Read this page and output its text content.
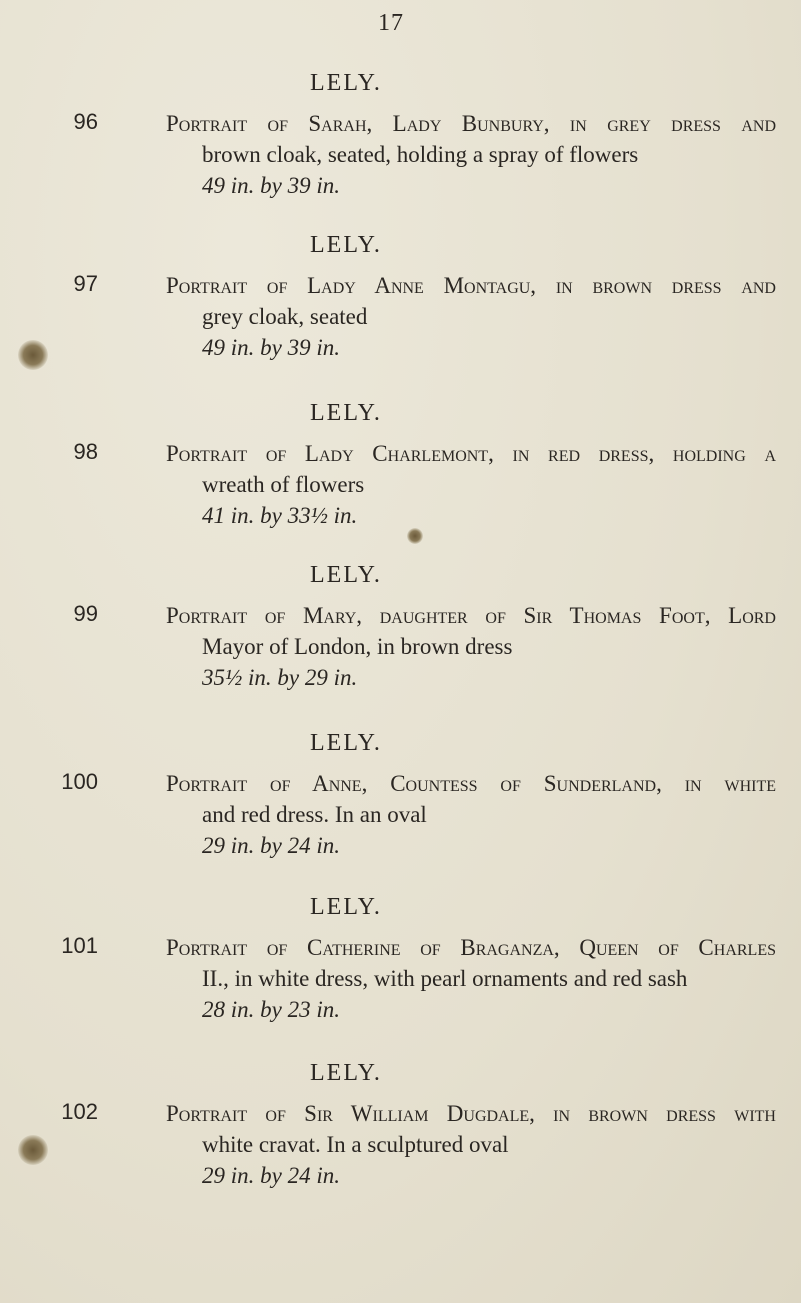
17
LELY.
96	Portrait of Sarah, Lady Bunbury, in grey dress and
brown cloak, seated, holding a spray of flowers
49 in. by 39 in.
LELY.
97	Portrait of Lady Anne Montagu, in brown dress and
grey cloak, seated
49 in. by 39 in.
LELY.
98	Portrait of Lady Charlemont, in red dress, holding a
wreath of flowers
41 in. by 33½ in.
LELY.
99	Portrait of Mary, daughter of Sir Thomas Foot, Lord
Mayor of London, in brown dress
35½ in. by 29 in.
LELY.
100	Portrait of Anne, Countess of Sunderland, in white
and red dress. In an oval
29 in. by 24 in.
LELY.
101	Portrait of Catherine of Braganza, Queen of Charles
II., in white dress, with pearl ornaments and red sash
28 in. by 23 in.
LELY.
102	Portrait of Sir William Dugdale, in brown dress with
white cravat. In a sculptured oval
29 in. by 24 in.
